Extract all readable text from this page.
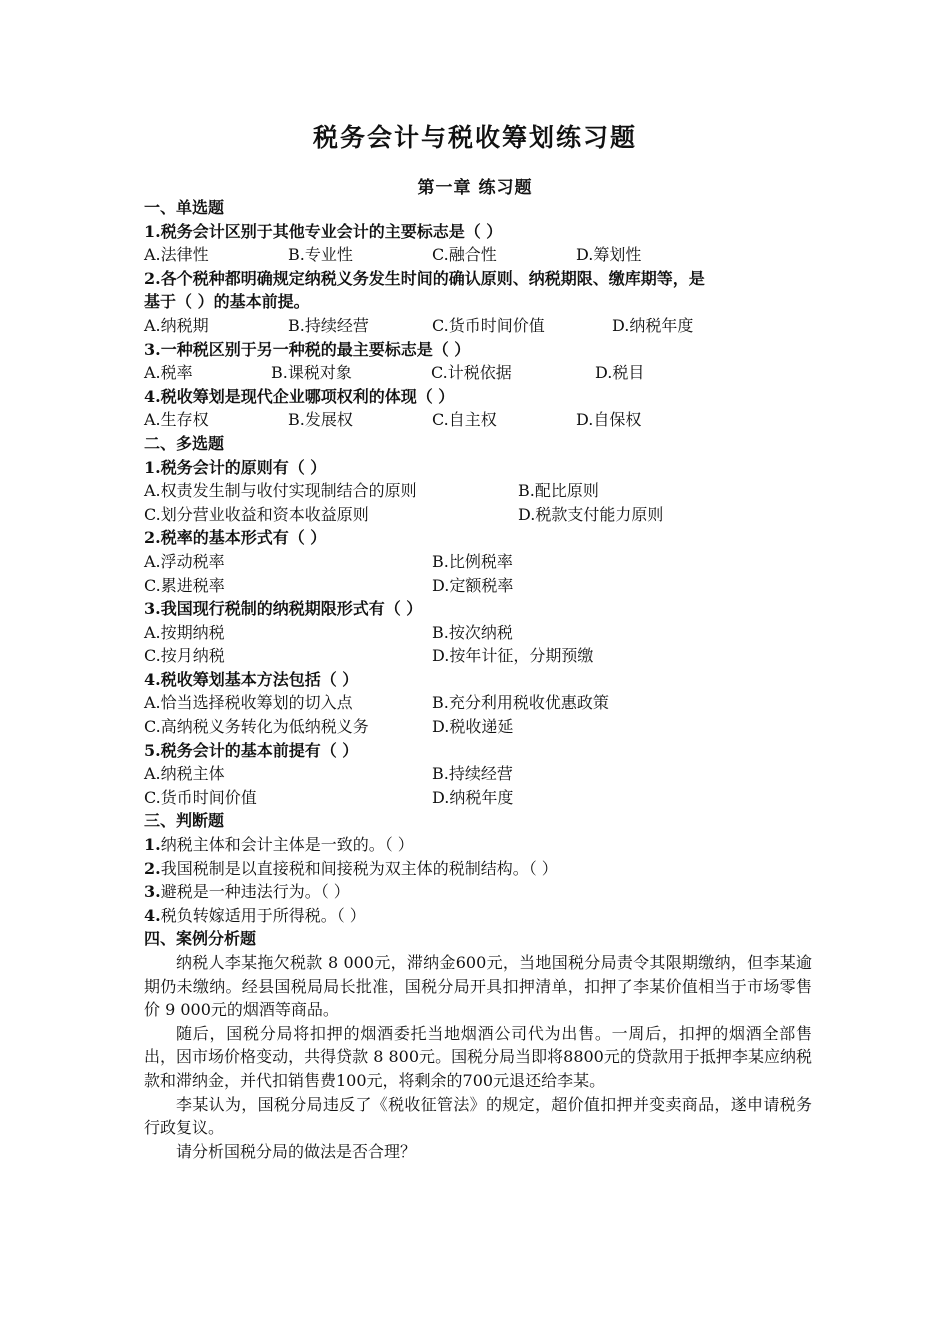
税务会计与税收筹划练习题
第一章 练习题
一、单选题
1.税务会计区别于其他专业会计的主要标志是（ ）
A.法律性	B.专业性	C.融合性	D.筹划性
2.各个税种都明确规定纳税义务发生时间的确认原则、纳税期限、缴库期等，是
基于（ ）的基本前提。
A.纳税期	B.持续经营	C.货币时间价值	D.纳税年度
3.一种税区别于另一种税的最主要标志是（ ）
A.税率	B.课税对象	C.计税依据	D.税目
4.税收筹划是现代企业哪项权利的体现（ ）
A.生存权	B.发展权	C.自主权	D.自保权
二、多选题
1.税务会计的原则有（ ）
A.权责发生制与收付实现制结合的原则	B.配比原则
C.划分营业收益和资本收益原则	D.税款支付能力原则
2.税率的基本形式有（ ）
A.浮动税率	B.比例税率
C.累进税率	D.定额税率
3.我国现行税制的纳税期限形式有（ ）
A.按期纳税	B.按次纳税
C.按月纳税	D.按年计征，分期预缴
4.税收筹划基本方法包括（ ）
A.恰当选择税收筹划的切入点	B.充分利用税收优惠政策
C.高纳税义务转化为低纳税义务	D.税收递延
5.税务会计的基本前提有（ ）
A.纳税主体	B.持续经营
C.货币时间价值	D.纳税年度
三、判断题
1.纳税主体和会计主体是一致的。（ ）
2.我国税制是以直接税和间接税为双主体的税制结构。（ ）
3.避税是一种违法行为。（ ）
4.税负转嫁适用于所得税。（ ）
四、案例分析题
纳税人李某拖欠税款 8 000元，滞纳金600元，当地国税分局责令其限期缴纳，但李某逾期仍未缴纳。经县国税局局长批准，国税分局开具扣押清单，扣押了李某价值相当于市场零售价 9 000元的烟酒等商品。
随后，国税分局将扣押的烟酒委托当地烟酒公司代为出售。一周后，扣押的烟酒全部售出，因市场价格变动，共得贷款 8 800元。国税分局当即将8800元的贷款用于抵押李某应纳税款和滞纳金，并代扣销售费100元，将剩余的700元退还给李某。
李某认为，国税分局违反了《税收征管法》的规定，超价值扣押并变卖商品，遂申请税务行政复议。
请分析国税分局的做法是否合理？
